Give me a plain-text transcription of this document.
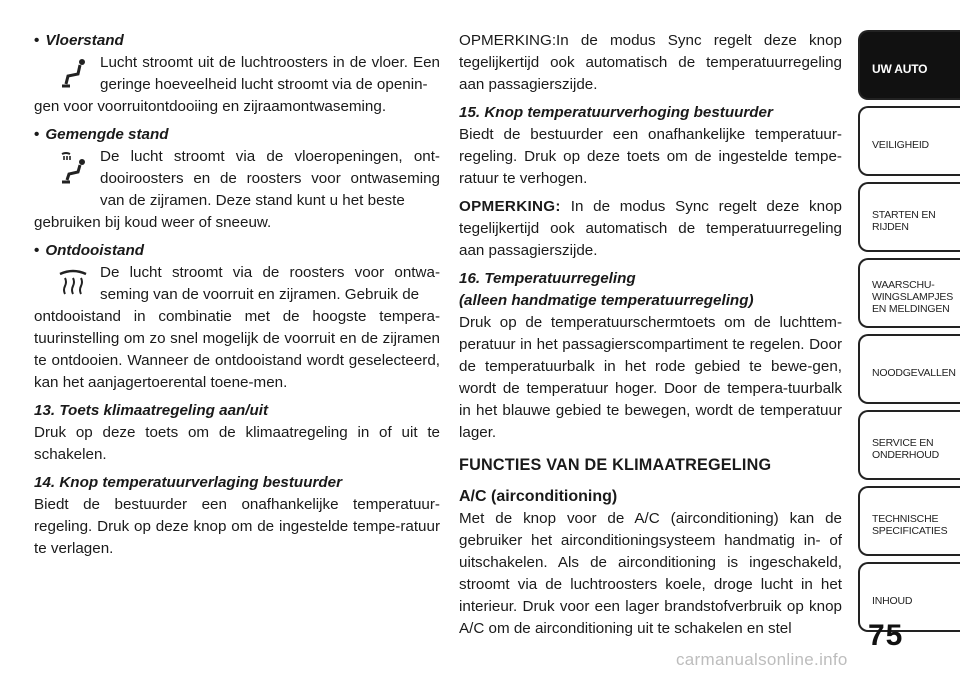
• Vloerstand

Lucht stroomt uit de luchtroosters in de vloer. Een geringe hoeveelheid lucht stroomt via de openin-

gen voor voorruitontdooiing en zijraamontwaseming.

• Gemengde stand

De lucht stroomt via de vloeropeningen, ont-dooiroosters en de roosters voor ontwaseming van de zijramen. Deze stand kunt u het beste

gebruiken bij koud weer of sneeuw.

• Ontdooistand

De lucht stroomt via de roosters voor ontwa-seming van de voorruit en zijramen. Gebruik de

ontdooistand in combinatie met de hoogste tempera-tuurinstelling om zo snel mogelijk de voorruit en de zijramen te ontdooien. Wanneer de ontdooistand wordt geselecteerd, kan het aanjagertoerental toene-men.

13. Toets klimaatregeling aan/uit

Druk op deze toets om de klimaatregeling in of uit te schakelen.

14. Knop temperatuurverlaging bestuurder

Biedt de bestuurder een onafhankelijke temperatuur-regeling. Druk op deze knop om de ingestelde tempe-ratuur te verlagen.

OPMERKING:In de modus Sync regelt deze knop tegelijkertijd ook automatisch de temperatuurregeling aan passagierszijde.

15. Knop temperatuurverhoging bestuurder

Biedt de bestuurder een onafhankelijke temperatuur-regeling. Druk op deze toets om de ingestelde tempe-ratuur te verhogen.

OPMERKING: In de modus Sync regelt deze knop tegelijkertijd ook automatisch de temperatuurregeling aan passagierszijde.

16. Temperatuurregeling

(alleen handmatige temperatuurregeling)

Druk op de temperatuurschermtoets om de luchttem-peratuur in het passagierscompartiment te regelen. Door de temperatuurbalk in het rode gebied te bewe-gen, wordt de temperatuur hoger. Door de tempera-tuurbalk in het blauwe gebied te bewegen, wordt de temperatuur lager.

FUNCTIES VAN DE KLIMAATREGELING

A/C (airconditioning)

Met de knop voor de A/C (airconditioning) kan de gebruiker het airconditioningsysteem handmatig in- of uitschakelen. Als de airconditioning is ingeschakeld, stroomt via de luchtroosters koele, droge lucht in het interieur. Druk voor een lager brandstofverbruik op knop A/C om de airconditioning uit te schakelen en stel

UW AUTO
VEILIGHEID
STARTEN EN
RIJDEN
WAARSCHU-
WINGSLAMPJES
EN MELDINGEN
NOODGEVALLEN
SERVICE EN
ONDERHOUD
TECHNISCHE
SPECIFICATIES
INHOUD
75
carmanualsonline.info
